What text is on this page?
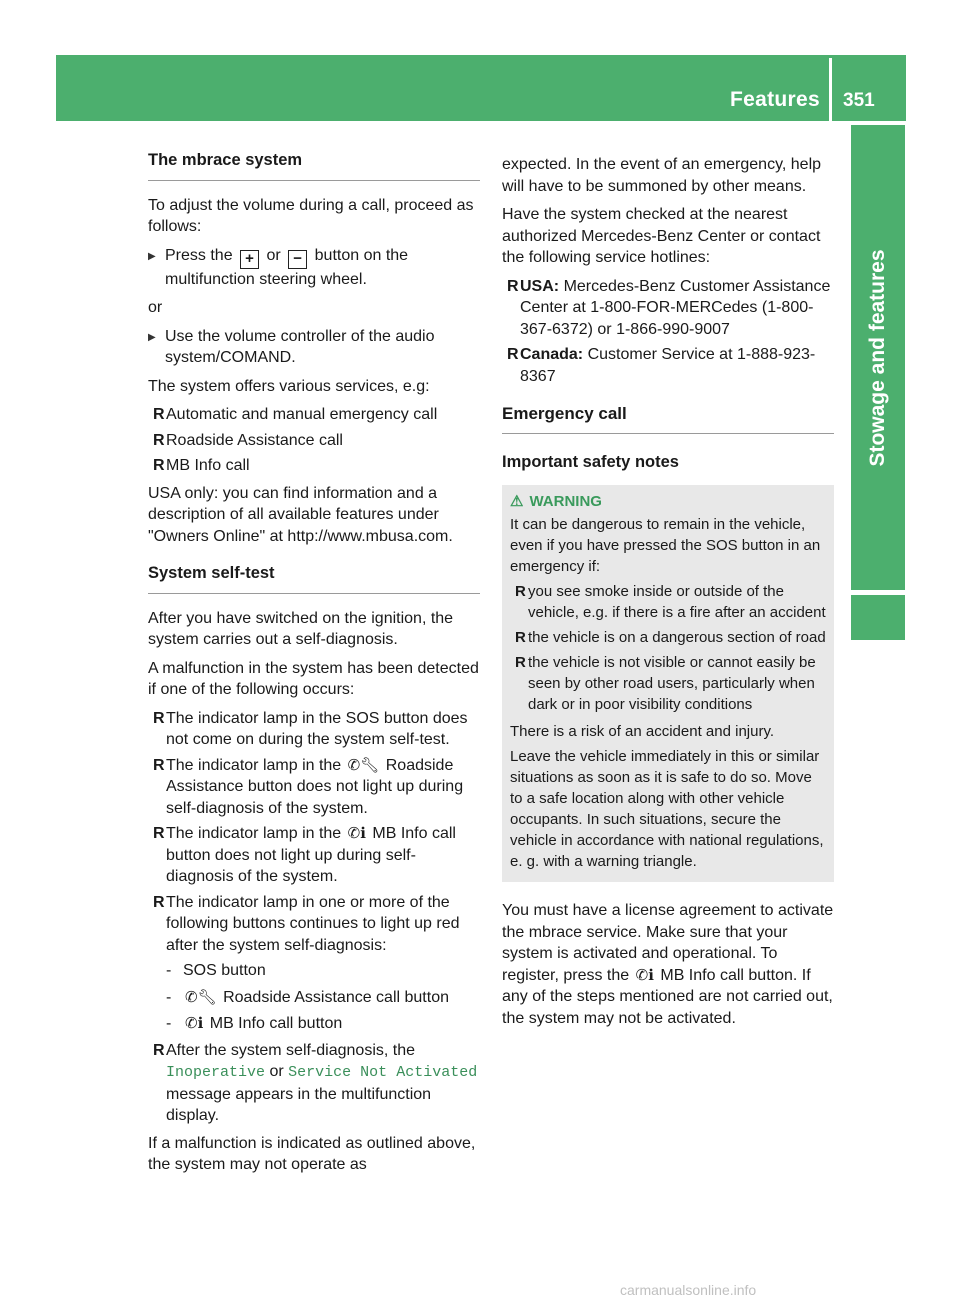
Features 351
Stowage and features
The mbrace system

To adjust the volume during a call, proceed as follows:

▶ Press the + or − button on the multifunction steering wheel.

or

▶ Use the volume controller of the audio system/COMAND.

The system offers various services, e.g:

R Automatic and manual emergency call
R Roadside Assistance call
R MB Info call

USA only: you can find information and a description of all available features under "Owners Online" at http://www.mbusa.com.

System self-test

After you have switched on the ignition, the system carries out a self-diagnosis.

A malfunction in the system has been detected if one of the following occurs:

R The indicator lamp in the SOS button does not come on during the system self-test.
R The indicator lamp in the ✆🔧︎ Roadside Assistance button does not light up during self-diagnosis of the system.
R The indicator lamp in the ✆ℹ︎ MB Info call button does not light up during self-diagnosis of the system.
R The indicator lamp in one or more of the following buttons continues to light up red after the system self-diagnosis:
- SOS button
- ✆🔧︎ Roadside Assistance call button
- ✆ℹ︎ MB Info call button
R After the system self-diagnosis, the Inoperative or Service Not Activated message appears in the multifunction display.

If a malfunction is indicated as outlined above, the system may not operate as

expected. In the event of an emergency, help will have to be summoned by other means.

Have the system checked at the nearest authorized Mercedes-Benz Center or contact the following service hotlines:

R USA: Mercedes-Benz Customer Assistance Center at 1-800-FOR-MERCedes (1-800-367-6372) or 1-866-990-9007
R Canada: Customer Service at 1-888-923-8367
Emergency call
Important safety notes
⚠︎ WARNING

It can be dangerous to remain in the vehicle, even if you have pressed the SOS button in an emergency if:

R you see smoke inside or outside of the vehicle, e.g. if there is a fire after an accident
R the vehicle is on a dangerous section of road
R the vehicle is not visible or cannot easily be seen by other road users, particularly when dark or in poor visibility conditions

There is a risk of an accident and injury.

Leave the vehicle immediately in this or similar situations as soon as it is safe to do so. Move to a safe location along with other vehicle occupants. In such situations, secure the vehicle in accordance with national regulations, e. g. with a warning triangle.

You must have a license agreement to activate the mbrace service. Make sure that your system is activated and operational. To register, press the ✆ℹ︎ MB Info call button. If any of the steps mentioned are not carried out, the system may not be activated.

carmanualsonline.info
